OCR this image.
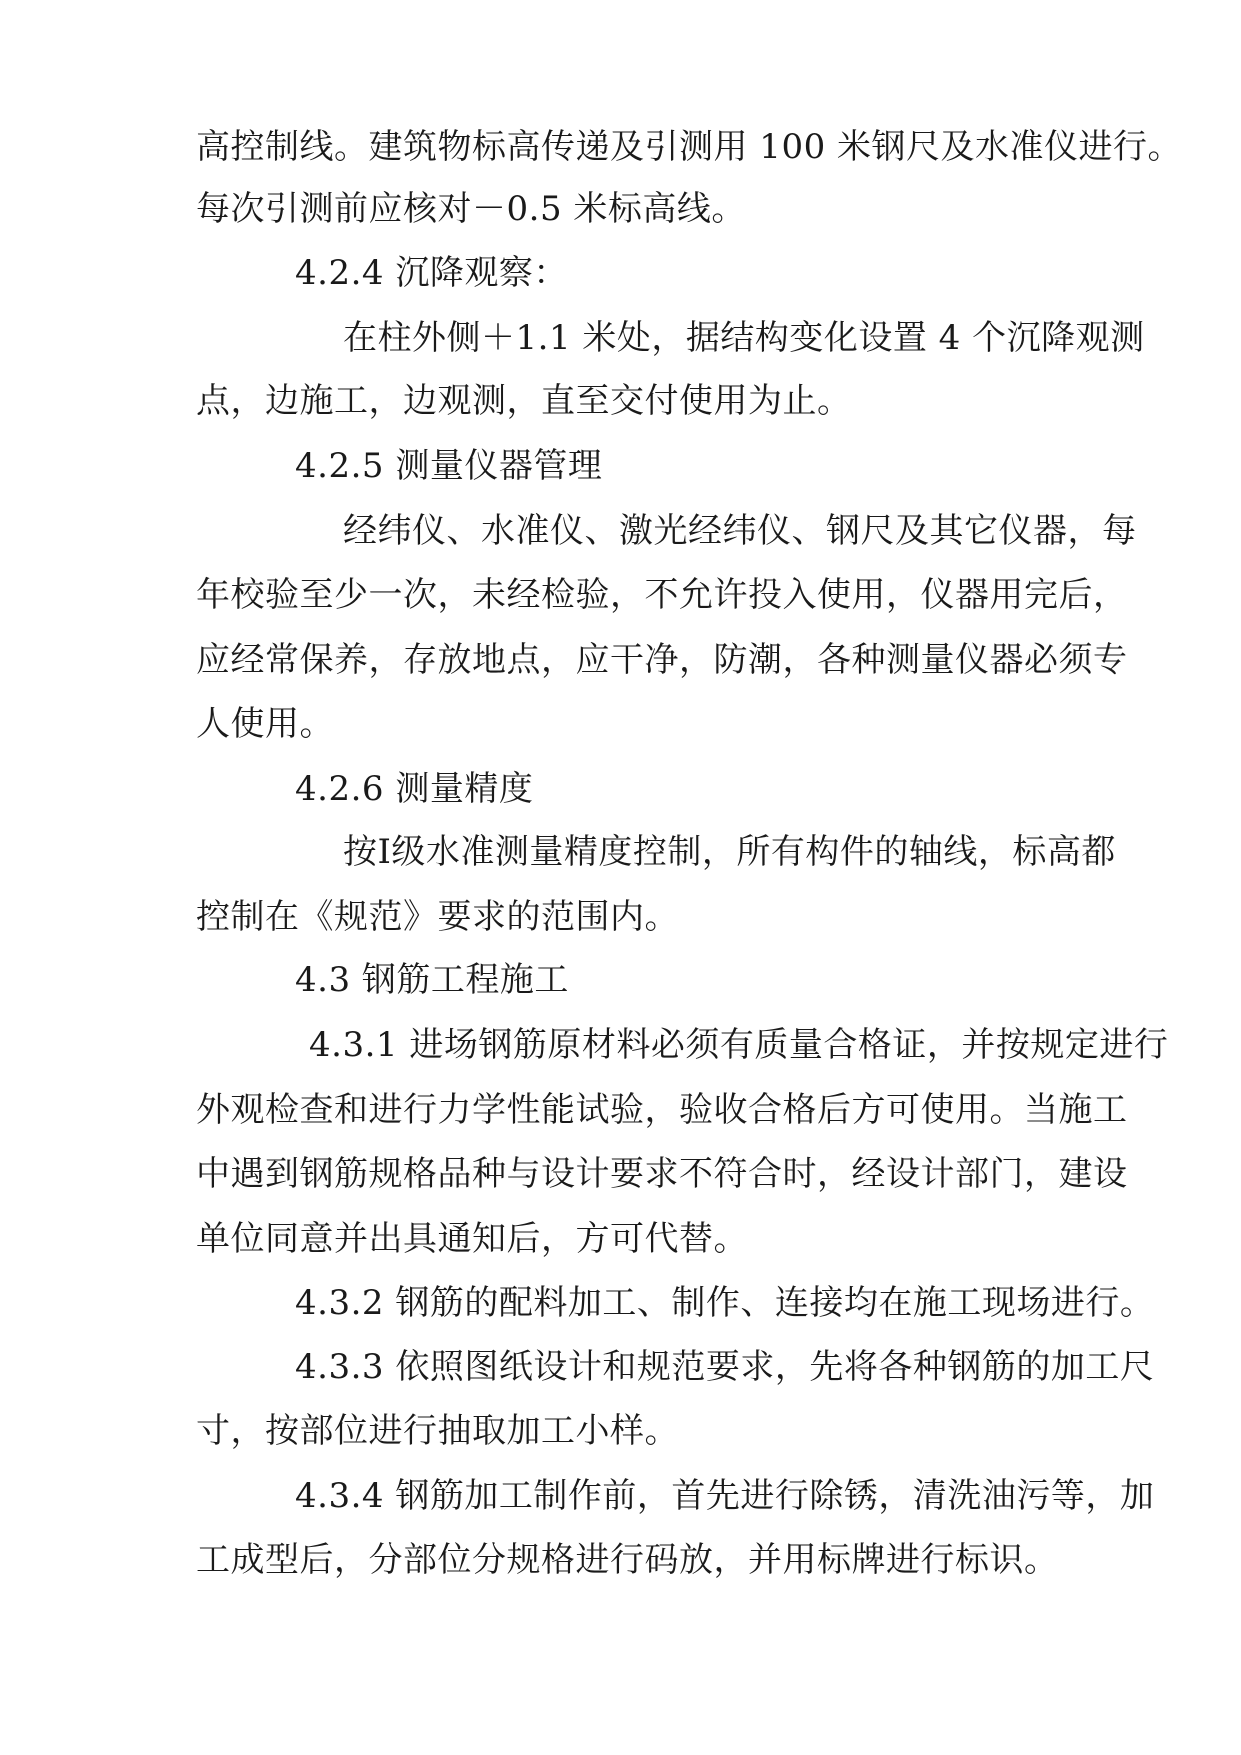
高控制线。建筑物标高传递及引测用 100 米钢尺及水准仪进行。
每次引测前应核对－0.5 米标高线。
4.2.4 沉降观察：
在柱外侧＋1.1 米处，据结构变化设置 4 个沉降观测
点，边施工，边观测，直至交付使用为止。
4.2.5 测量仪器管理
经纬仪、水准仪、激光经纬仪、钢尺及其它仪器，每
年校验至少一次，未经检验，不允许投入使用，仪器用完后，
应经常保养，存放地点，应干净，防潮，各种测量仪器必须专
人使用。
4.2.6 测量精度
按Ⅰ级水准测量精度控制，所有构件的轴线，标高都
控制在《规范》要求的范围内。
4.3 钢筋工程施工
4.3.1 进场钢筋原材料必须有质量合格证，并按规定进行
外观检查和进行力学性能试验，验收合格后方可使用。当施工
中遇到钢筋规格品种与设计要求不符合时，经设计部门，建设
单位同意并出具通知后，方可代替。
4.3.2 钢筋的配料加工、制作、连接均在施工现场进行。
4.3.3 依照图纸设计和规范要求，先将各种钢筋的加工尺
寸，按部位进行抽取加工小样。
4.3.4 钢筋加工制作前，首先进行除锈，清洗油污等，加
工成型后，分部位分规格进行码放，并用标牌进行标识。
